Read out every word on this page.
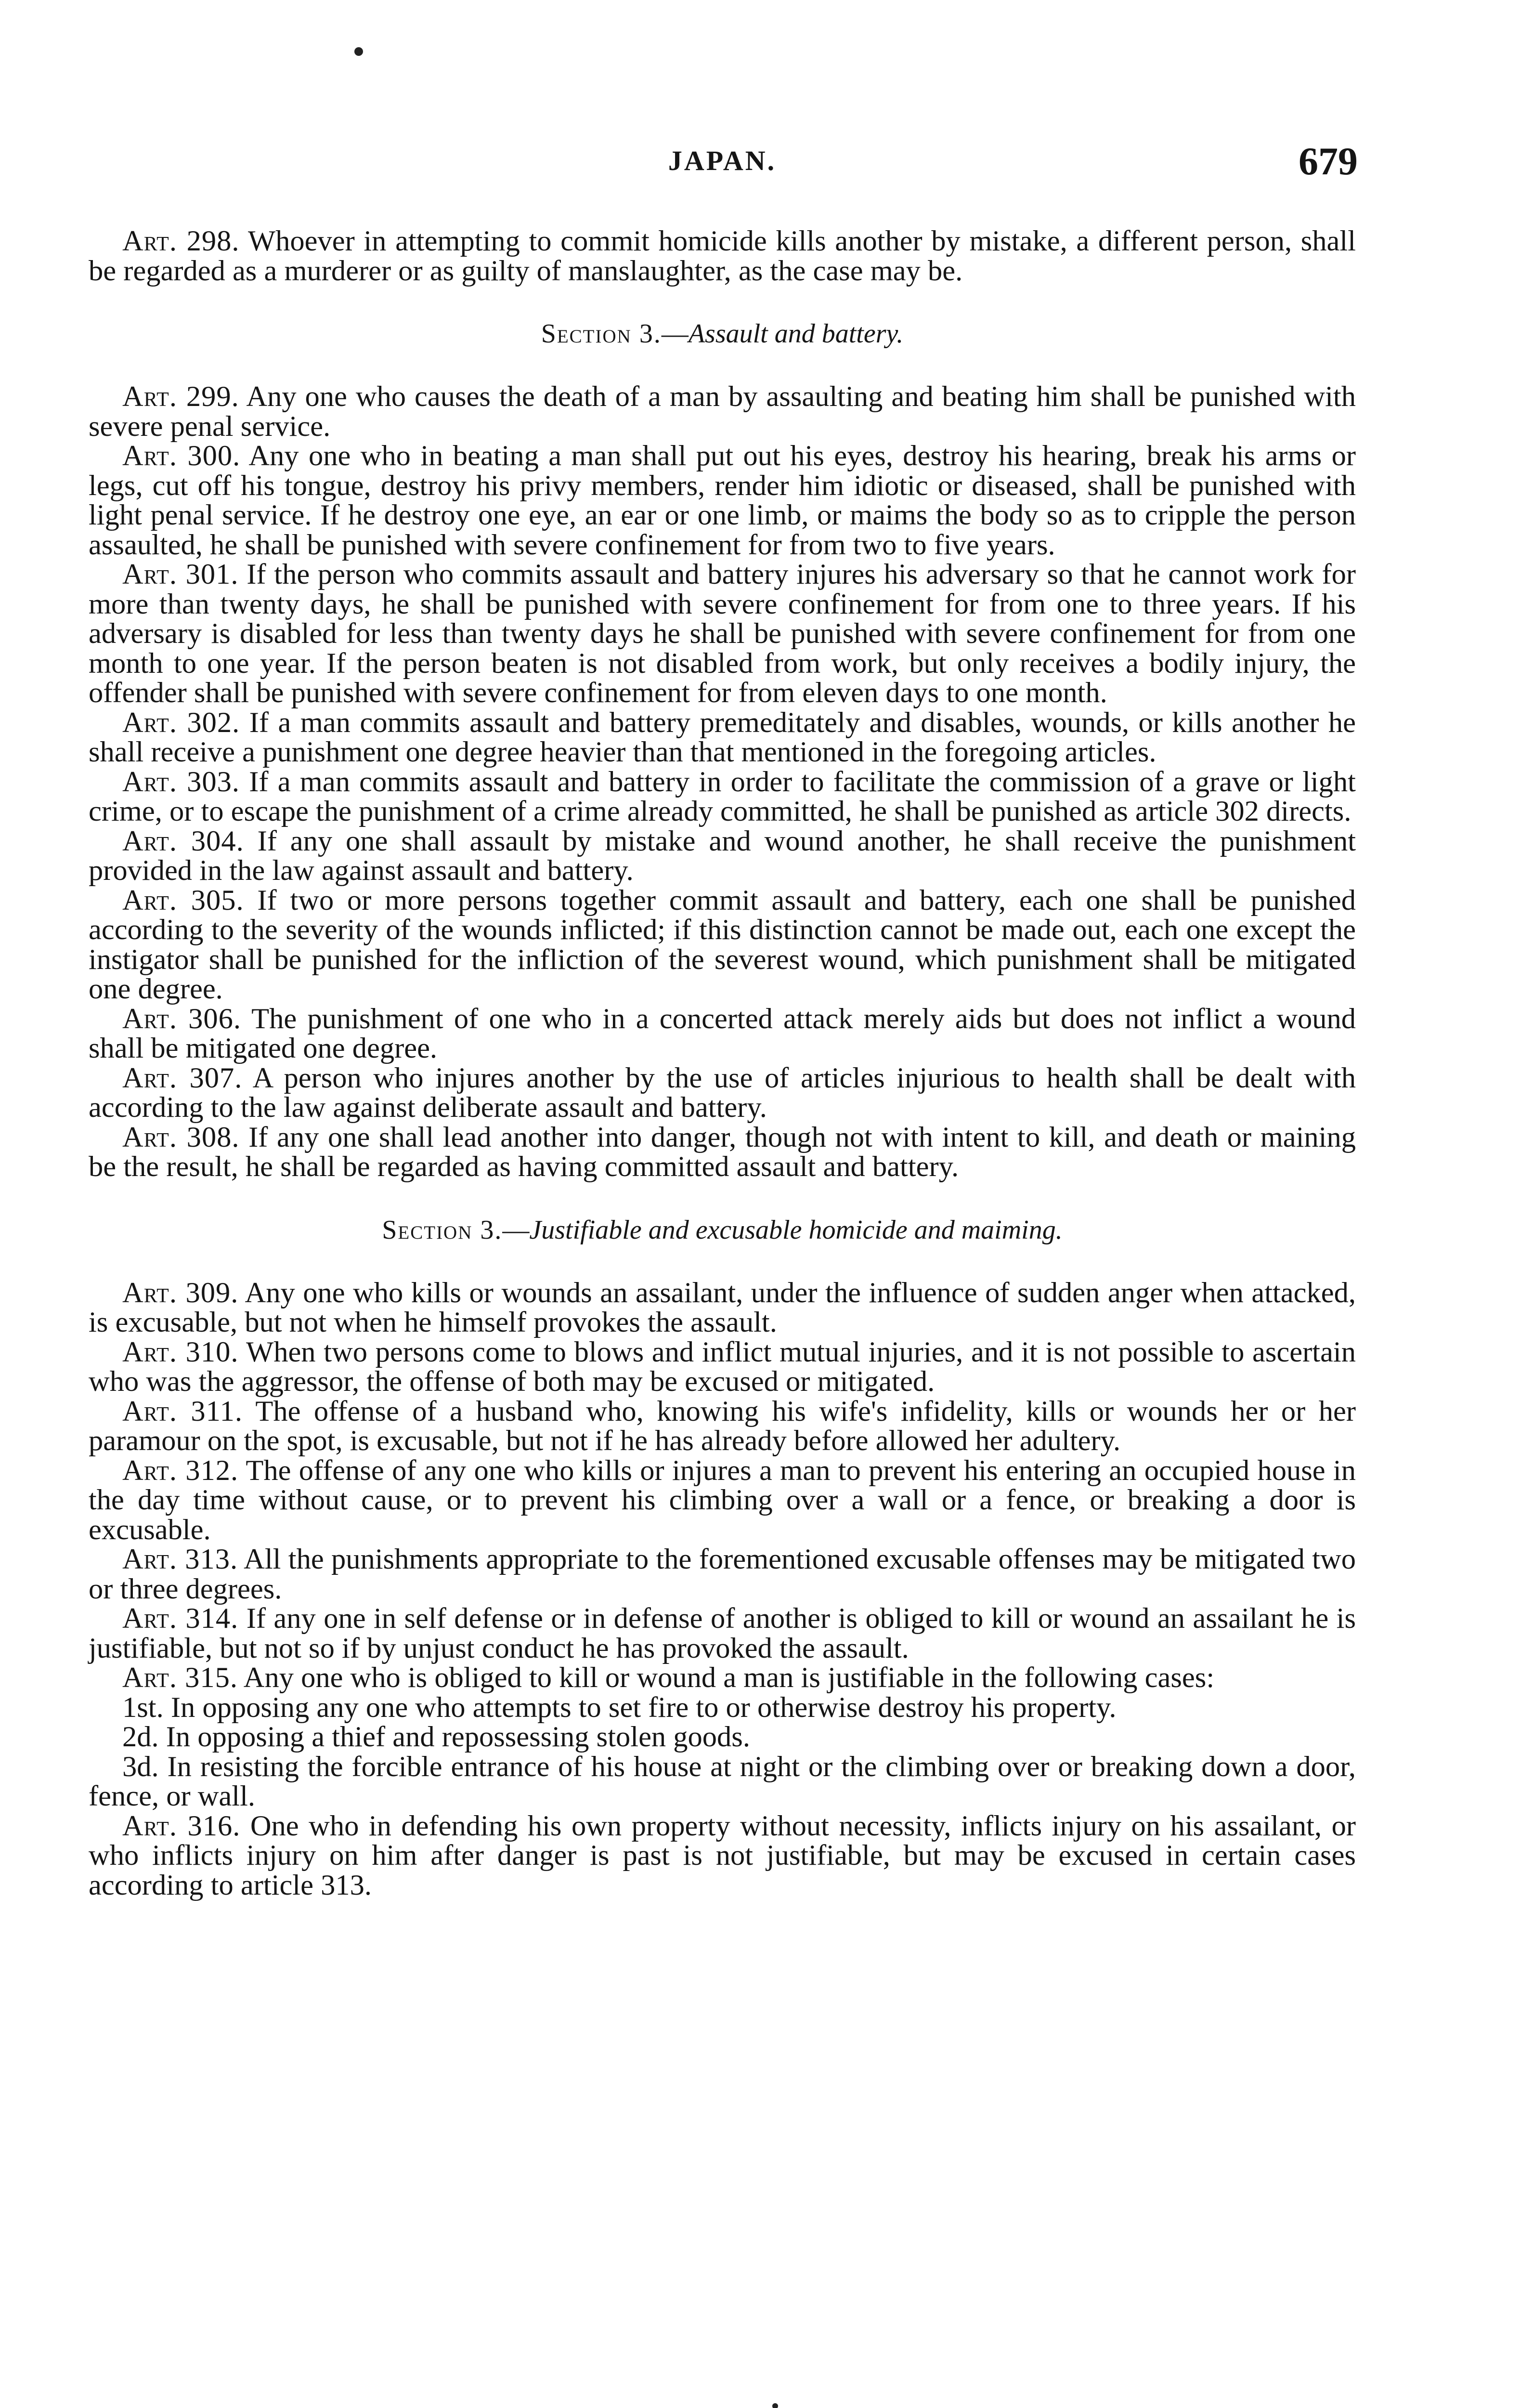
JAPAN.	679

Art. 298. Whoever in attempting to commit homicide kills another by mistake, a different person, shall be regarded as a murderer or as guilty of manslaughter, as the case may be.

Section 3.—Assault and battery.

Art. 299. Any one who causes the death of a man by assaulting and beating him shall be punished with severe penal service.

Art. 300. Any one who in beating a man shall put out his eyes, destroy his hearing, break his arms or legs, cut off his tongue, destroy his privy members, render him idiotic or diseased, shall be punished with light penal service. If he destroy one eye, an ear or one limb, or maims the body so as to cripple the person assaulted, he shall be punished with severe confinement for from two to five years.

Art. 301. If the person who commits assault and battery injures his adversary so that he cannot work for more than twenty days, he shall be punished with severe confinement for from one to three years. If his adversary is disabled for less than twenty days he shall be punished with severe confinement for from one month to one year. If the person beaten is not disabled from work, but only receives a bodily injury, the offender shall be punished with severe confinement for from eleven days to one month.

Art. 302. If a man commits assault and battery premeditately and disables, wounds, or kills another he shall receive a punishment one degree heavier than that mentioned in the foregoing articles.

Art. 303. If a man commits assault and battery in order to facilitate the commission of a grave or light crime, or to escape the punishment of a crime already committed, he shall be punished as article 302 directs.

Art. 304. If any one shall assault by mistake and wound another, he shall receive the punishment provided in the law against assault and battery.

Art. 305. If two or more persons together commit assault and battery, each one shall be punished according to the severity of the wounds inflicted; if this distinction cannot be made out, each one except the instigator shall be punished for the infliction of the severest wound, which punishment shall be mitigated one degree.

Art. 306. The punishment of one who in a concerted attack merely aids but does not inflict a wound shall be mitigated one degree.

Art. 307. A person who injures another by the use of articles injurious to health shall be dealt with according to the law against deliberate assault and battery.

Art. 308. If any one shall lead another into danger, though not with intent to kill, and death or maining be the result, he shall be regarded as having committed assault and battery.

Section 3.—Justifiable and excusable homicide and maiming.

Art. 309. Any one who kills or wounds an assailant, under the influence of sudden anger when attacked, is excusable, but not when he himself provokes the assault.

Art. 310. When two persons come to blows and inflict mutual injuries, and it is not possible to ascertain who was the aggressor, the offense of both may be excused or mitigated.

Art. 311. The offense of a husband who, knowing his wife's infidelity, kills or wounds her or her paramour on the spot, is excusable, but not if he has already before allowed her adultery.

Art. 312. The offense of any one who kills or injures a man to prevent his entering an occupied house in the day time without cause, or to prevent his climbing over a wall or a fence, or breaking a door is excusable.

Art. 313. All the punishments appropriate to the forementioned excusable offenses may be mitigated two or three degrees.

Art. 314. If any one in self defense or in defense of another is obliged to kill or wound an assailant he is justifiable, but not so if by unjust conduct he has provoked the assault.

Art. 315. Any one who is obliged to kill or wound a man is justifiable in the following cases:

1st. In opposing any one who attempts to set fire to or otherwise destroy his property.

2d. In opposing a thief and repossessing stolen goods.

3d. In resisting the forcible entrance of his house at night or the climbing over or breaking down a door, fence, or wall.

Art. 316. One who in defending his own property without necessity, inflicts injury on his assailant, or who inflicts injury on him after danger is past is not justifiable, but may be excused in certain cases according to article 313.
